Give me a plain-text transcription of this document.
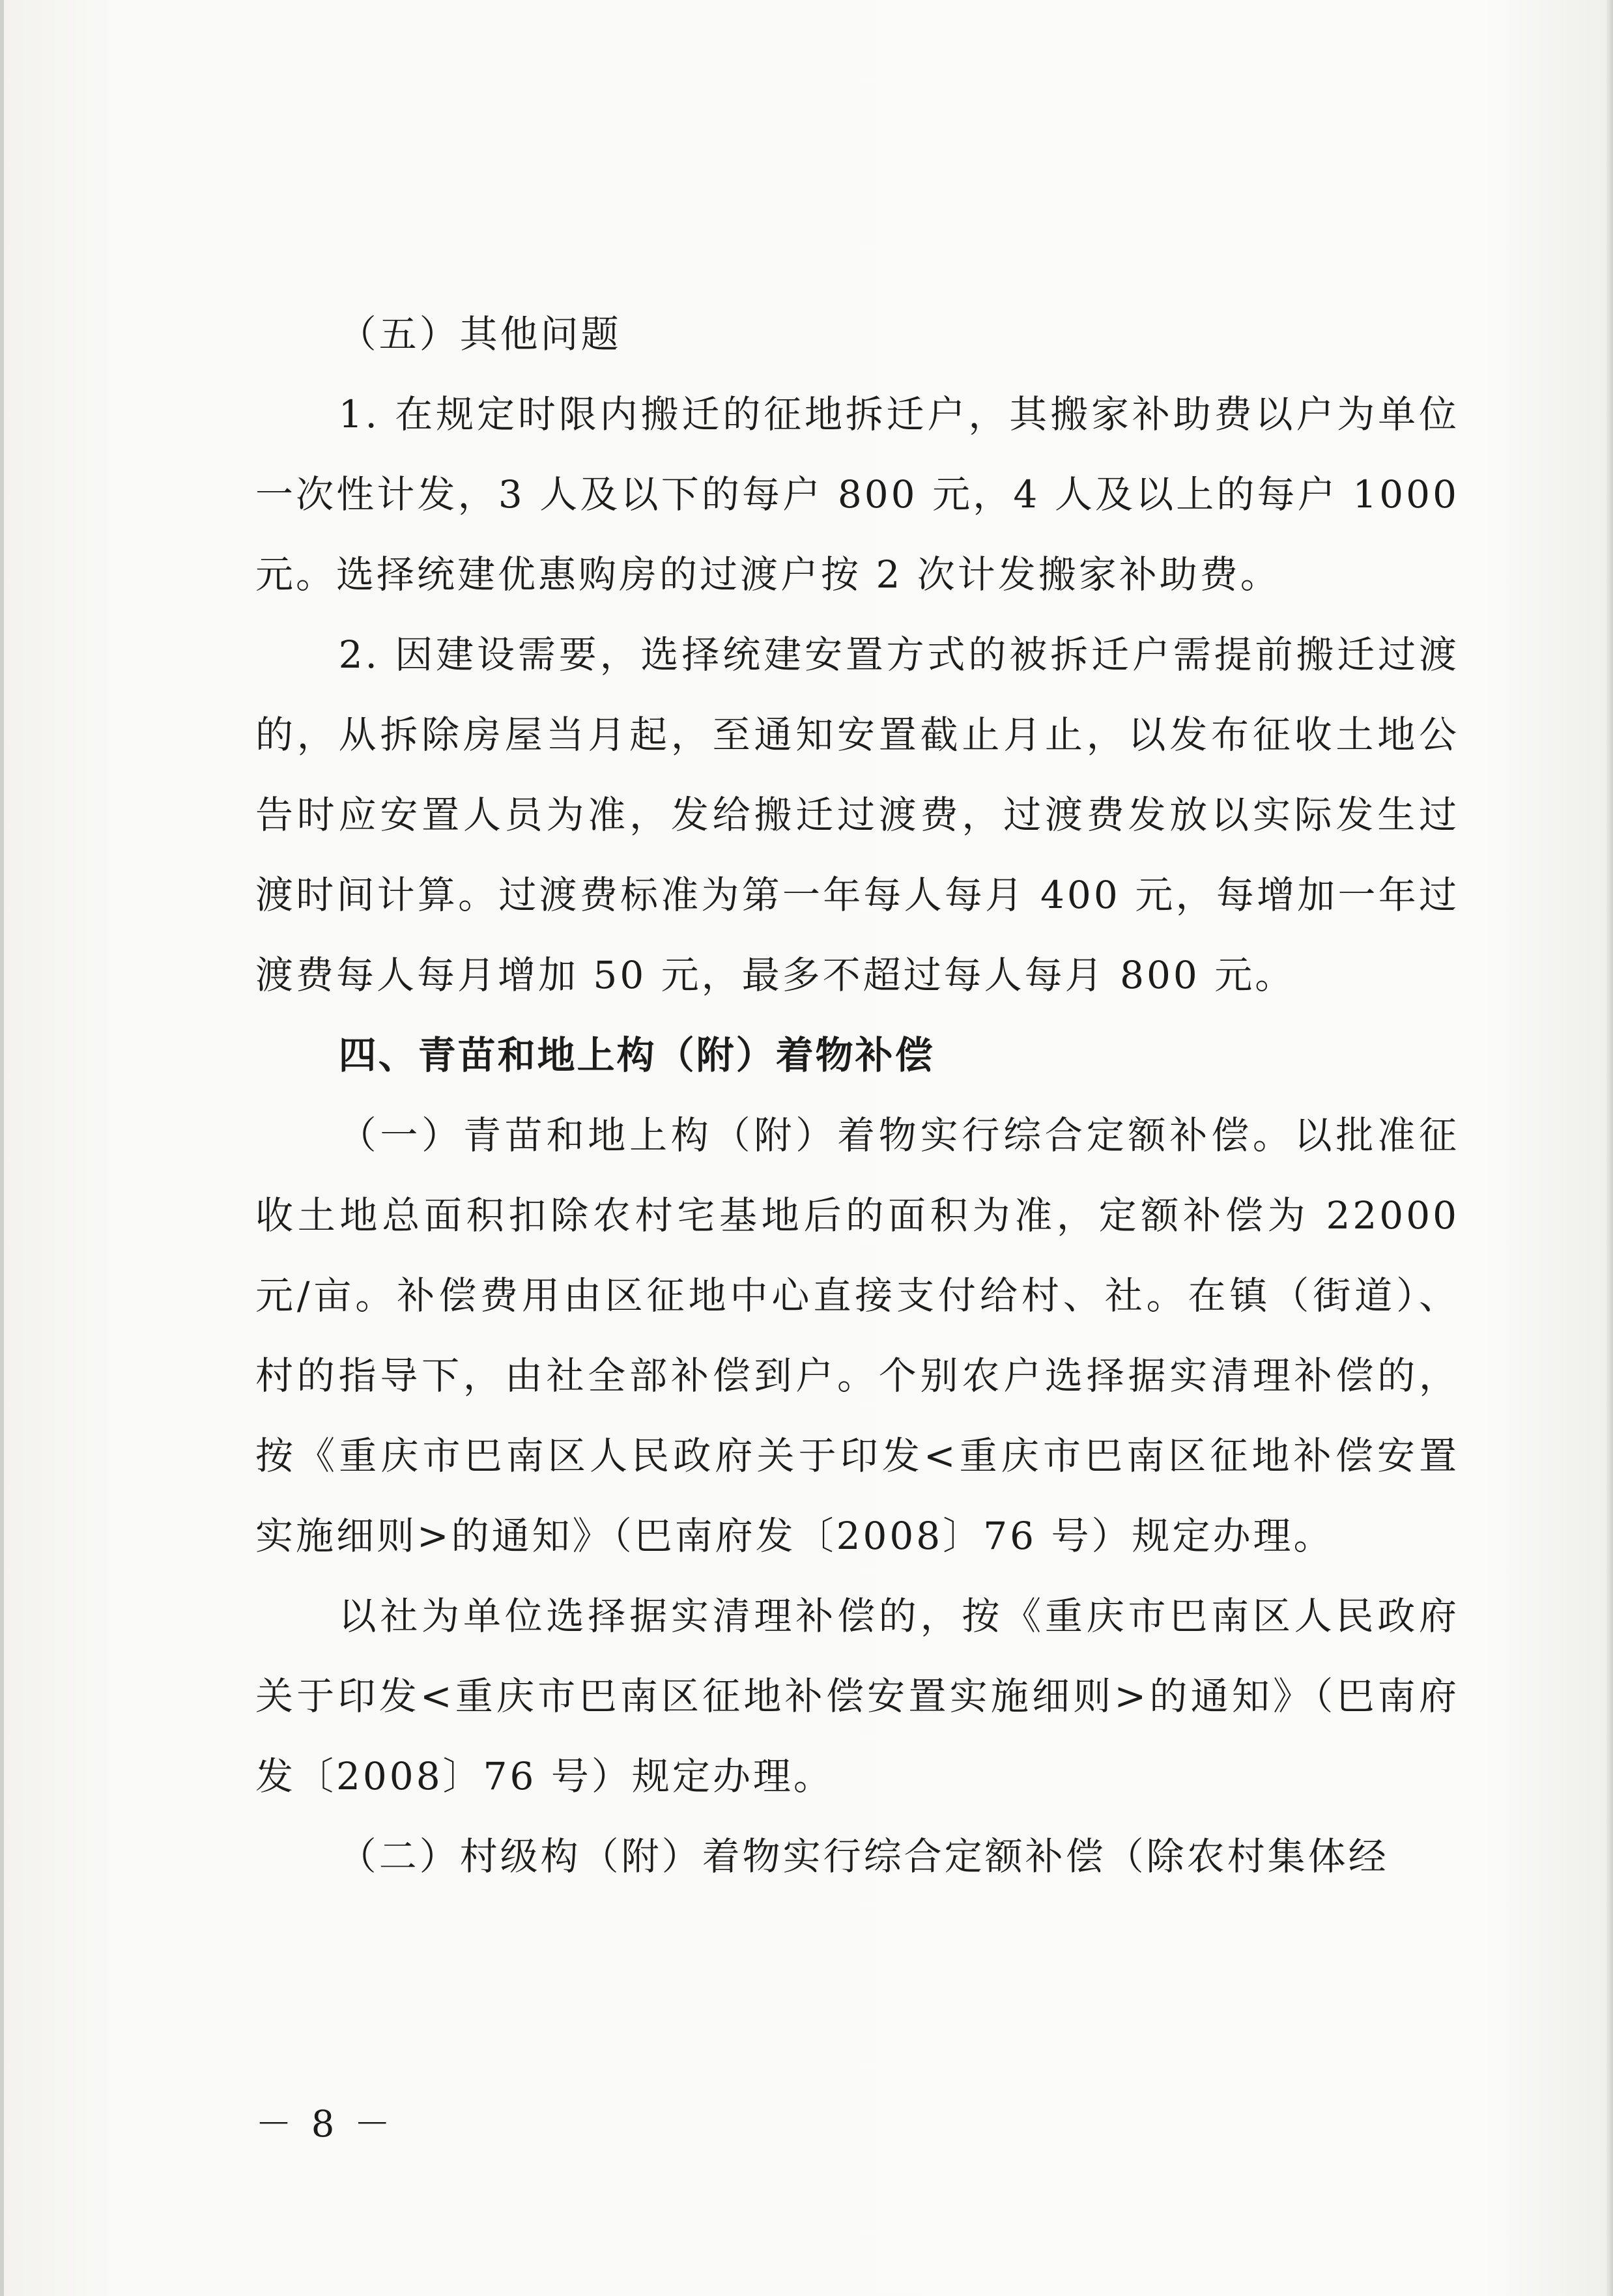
（五）其他问题

1. 在规定时限内搬迁的征地拆迁户，其搬家补助费以户为单位一次性计发，3 人及以下的每户 800 元，4 人及以上的每户 1000 元。选择统建优惠购房的过渡户按 2 次计发搬家补助费。

2. 因建设需要，选择统建安置方式的被拆迁户需提前搬迁过渡的，从拆除房屋当月起，至通知安置截止月止，以发布征收土地公告时应安置人员为准，发给搬迁过渡费，过渡费发放以实际发生过渡时间计算。过渡费标准为第一年每人每月 400 元，每增加一年过渡费每人每月增加 50 元，最多不超过每人每月 800 元。

四、青苗和地上构（附）着物补偿

（一）青苗和地上构（附）着物实行综合定额补偿。以批准征收土地总面积扣除农村宅基地后的面积为准，定额补偿为 22000 元/亩。补偿费用由区征地中心直接支付给村、社。在镇（街道）、村的指导下，由社全部补偿到户。个别农户选择据实清理补偿的，按《重庆市巴南区人民政府关于印发<重庆市巴南区征地补偿安置实施细则>的通知》（巴南府发〔2008〕76 号）规定办理。

以社为单位选择据实清理补偿的，按《重庆市巴南区人民政府关于印发<重庆市巴南区征地补偿安置实施细则>的通知》（巴南府发〔2008〕76 号）规定办理。

（二）村级构（附）着物实行综合定额补偿（除农村集体经

－ 8 －
